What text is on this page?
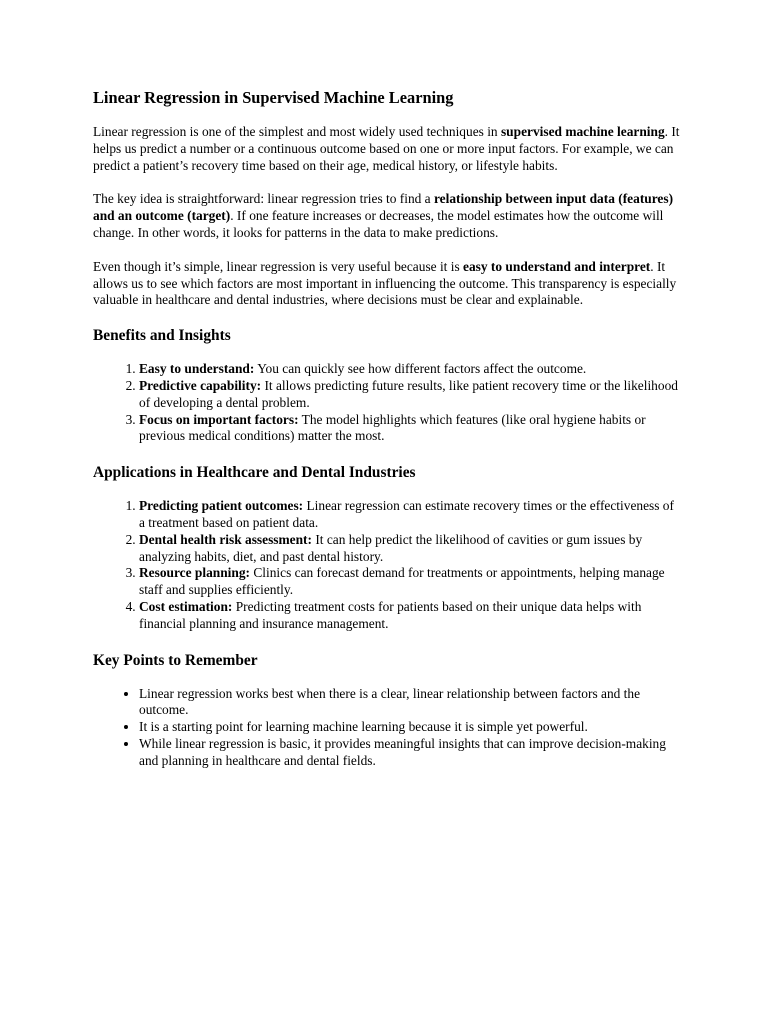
Linear Regression in Supervised Machine Learning

Linear regression is one of the simplest and most widely used techniques in supervised machine learning. It helps us predict a number or a continuous outcome based on one or more input factors. For example, we can predict a patient’s recovery time based on their age, medical history, or lifestyle habits.

The key idea is straightforward: linear regression tries to find a relationship between input data (features) and an outcome (target). If one feature increases or decreases, the model estimates how the outcome will change. In other words, it looks for patterns in the data to make predictions.

Even though it’s simple, linear regression is very useful because it is easy to understand and interpret. It allows us to see which factors are most important in influencing the outcome. This transparency is especially valuable in healthcare and dental industries, where decisions must be clear and explainable.

Benefits and Insights
1. Easy to understand: You can quickly see how different factors affect the outcome.
2. Predictive capability: It allows predicting future results, like patient recovery time or the likelihood of developing a dental problem.
3. Focus on important factors: The model highlights which features (like oral hygiene habits or previous medical conditions) matter the most.
Applications in Healthcare and Dental Industries
1. Predicting patient outcomes: Linear regression can estimate recovery times or the effectiveness of a treatment based on patient data.
2. Dental health risk assessment: It can help predict the likelihood of cavities or gum issues by analyzing habits, diet, and past dental history.
3. Resource planning: Clinics can forecast demand for treatments or appointments, helping manage staff and supplies efficiently.
4. Cost estimation: Predicting treatment costs for patients based on their unique data helps with financial planning and insurance management.
Key Points to Remember
• Linear regression works best when there is a clear, linear relationship between factors and the outcome.
• It is a starting point for learning machine learning because it is simple yet powerful.
• While linear regression is basic, it provides meaningful insights that can improve decision-making and planning in healthcare and dental fields.
